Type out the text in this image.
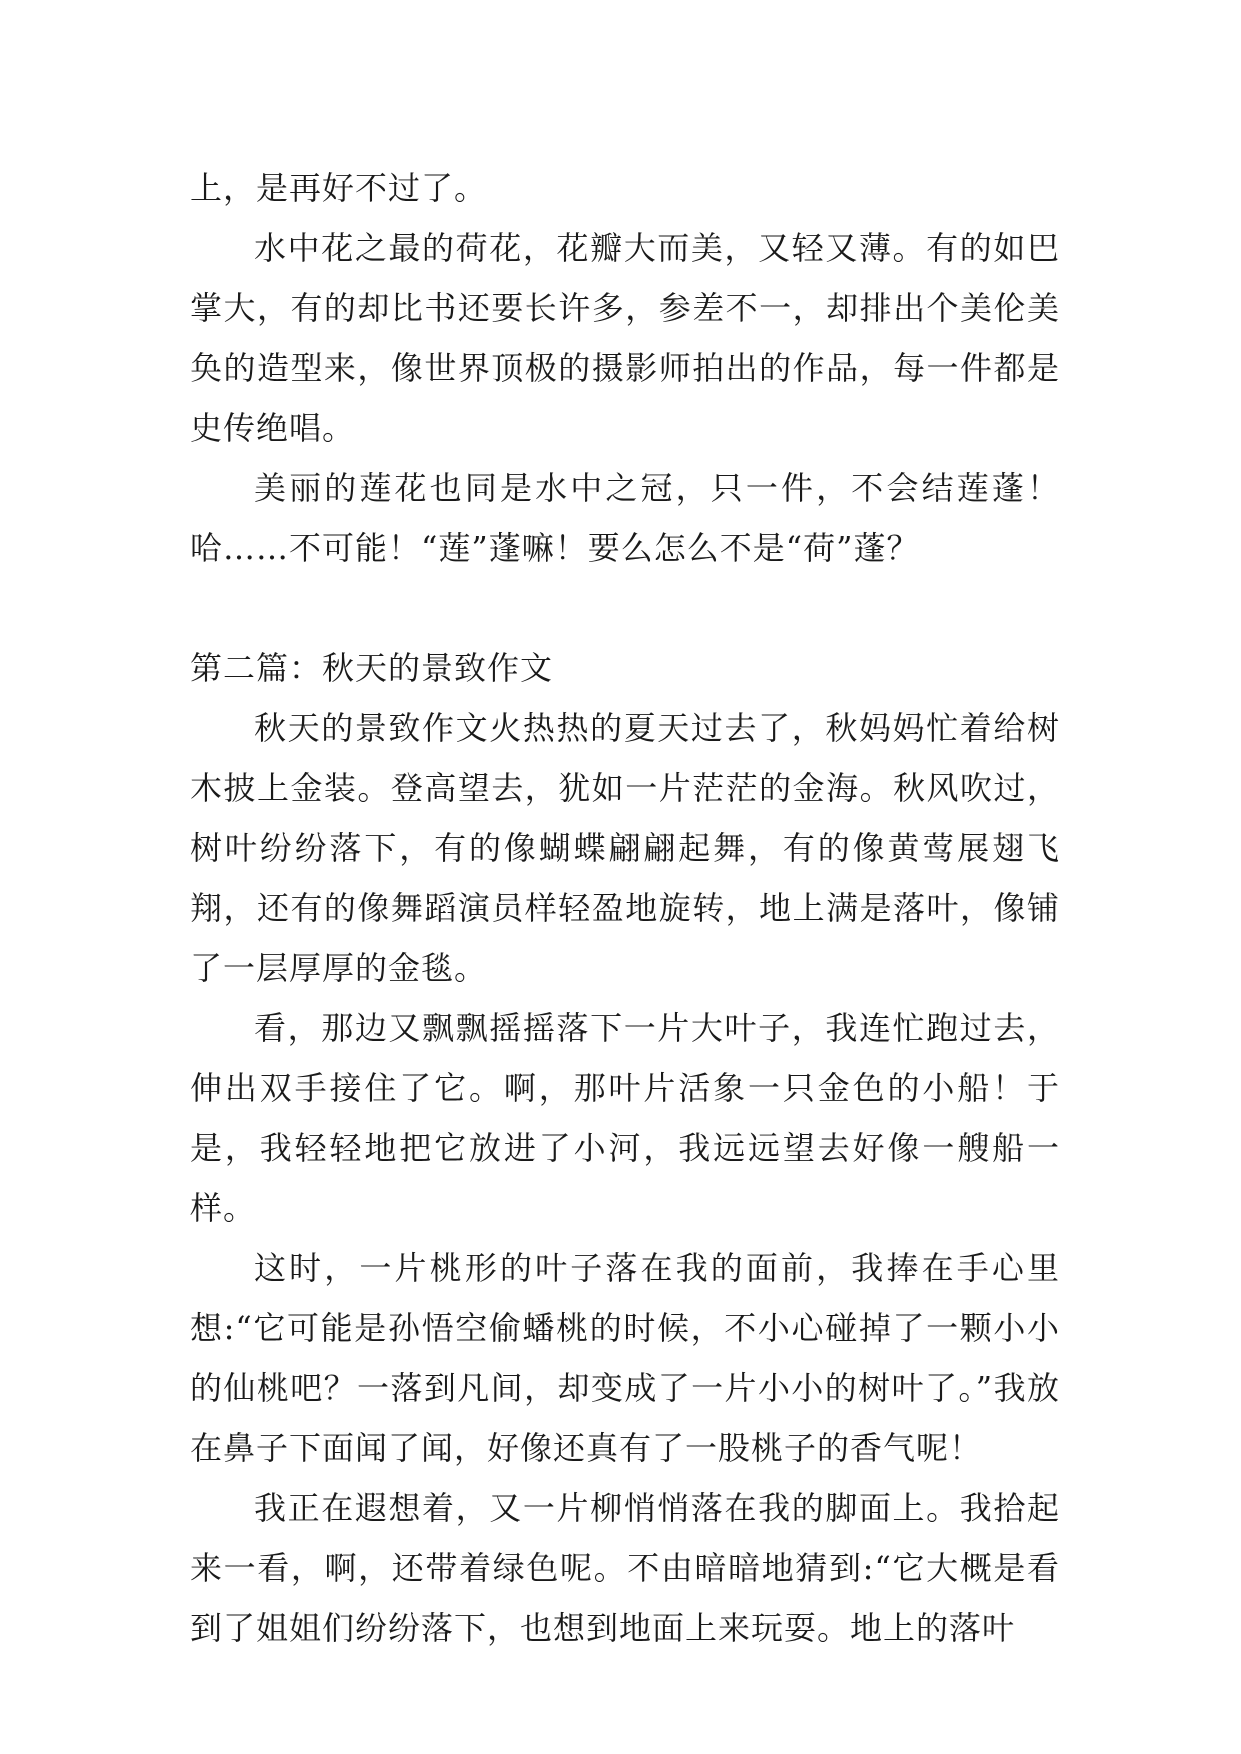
上，是再好不过了。

水中花之最的荷花，花瓣大而美，又轻又薄。有的如巴掌大，有的却比书还要长许多，参差不一，却排出个美伦美奂的造型来，像世界顶极的摄影师拍出的作品，每一件都是史传绝唱。

美丽的莲花也同是水中之冠，只一件，不会结莲蓬！哈……不可能！“莲”蓬嘛！要么怎么不是“荷”蓬？

第二篇：秋天的景致作文

秋天的景致作文火热热的夏天过去了，秋妈妈忙着给树木披上金装。登高望去，犹如一片茫茫的金海。秋风吹过，树叶纷纷落下，有的像蝴蝶翩翩起舞，有的像黄莺展翅飞翔，还有的像舞蹈演员样轻盈地旋转，地上满是落叶，像铺了一层厚厚的金毯。

看，那边又飘飘摇摇落下一片大叶子，我连忙跑过去，伸出双手接住了它。啊，那叶片活象一只金色的小船！于是，我轻轻地把它放进了小河，我远远望去好像一艘船一样。

这时，一片桃形的叶子落在我的面前，我捧在手心里想:“它可能是孙悟空偷蟠桃的时候，不小心碰掉了一颗小小的仙桃吧？一落到凡间，却变成了一片小小的树叶了。”我放在鼻子下面闻了闻，好像还真有了一股桃子的香气呢！

我正在遐想着，又一片柳悄悄落在我的脚面上。我拾起来一看，啊，还带着绿色呢。不由暗暗地猜到:“它大概是看到了姐姐们纷纷落下，也想到地面上来玩耍。地上的落叶
